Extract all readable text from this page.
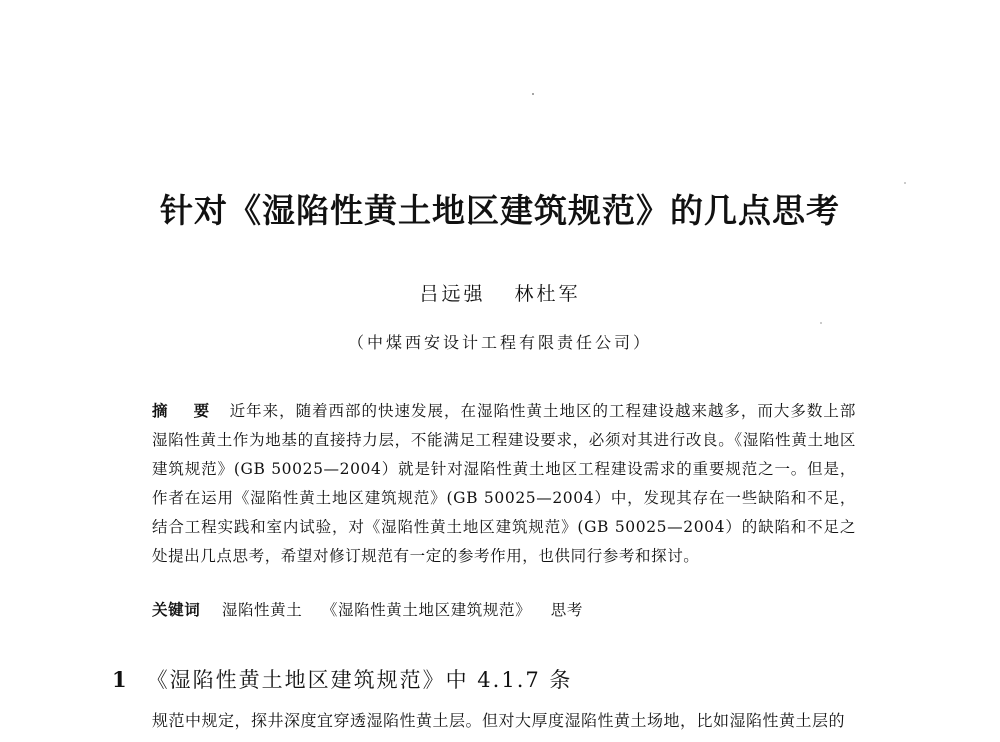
针对《湿陷性黄土地区建筑规范》的几点思考
吕远强 林杜军
（中煤西安设计工程有限责任公司）
摘 要 近年来，随着西部的快速发展，在湿陷性黄土地区的工程建设越来越多，而大多数上部湿陷性黄土作为地基的直接持力层，不能满足工程建设要求，必须对其进行改良。《湿陷性黄土地区建筑规范》(GB 50025—2004）就是针对湿陷性黄土地区工程建设需求的重要规范之一。但是，作者在运用《湿陷性黄土地区建筑规范》(GB 50025—2004）中，发现其存在一些缺陷和不足，结合工程实践和室内试验，对《湿陷性黄土地区建筑规范》(GB 50025—2004）的缺陷和不足之处提出几点思考，希望对修订规范有一定的参考作用，也供同行参考和探讨。
关键词 湿陷性黄土 《湿陷性黄土地区建筑规范》 思考
1 《湿陷性黄土地区建筑规范》中 4.1.7 条
规范中规定，探井深度宜穿透湿陷性黄土层。但对大厚度湿陷性黄土场地，比如湿陷性黄土层的
